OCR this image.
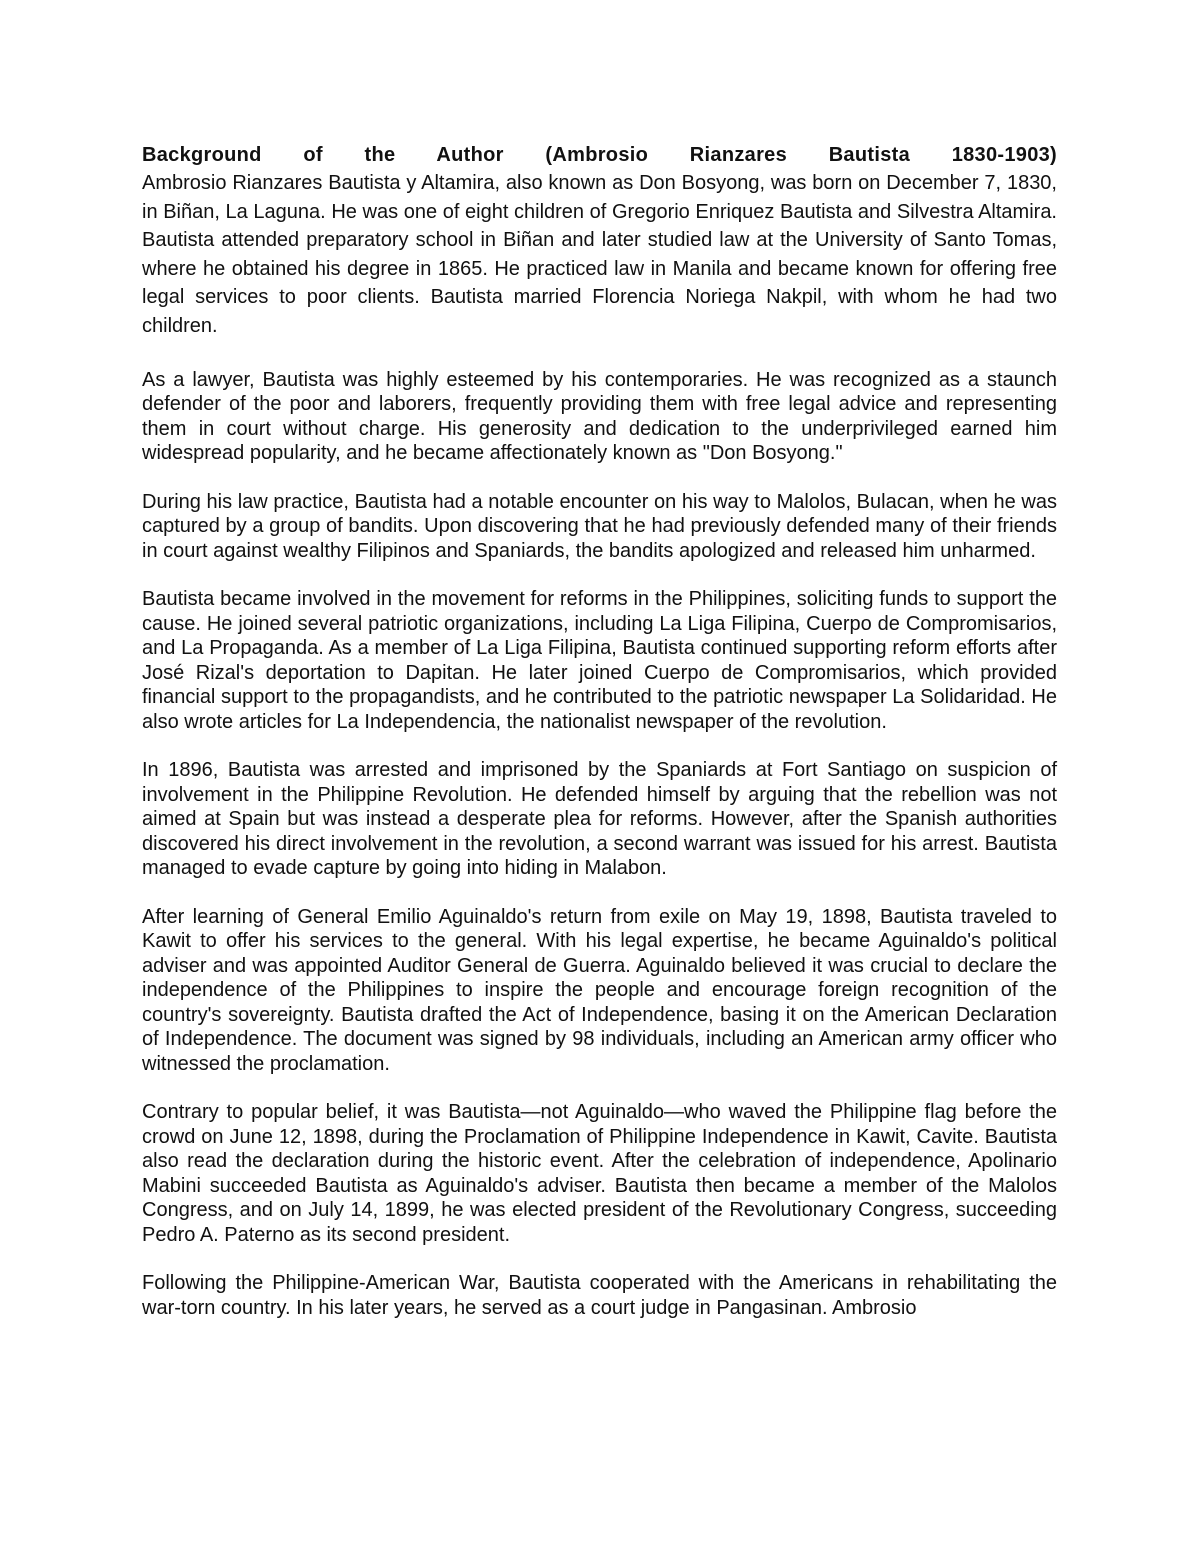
Background of the Author (Ambrosio Rianzares Bautista 1830-1903)

Ambrosio Rianzares Bautista y Altamira, also known as Don Bosyong, was born on December 7, 1830, in Biñan, La Laguna. He was one of eight children of Gregorio Enriquez Bautista and Silvestra Altamira. Bautista attended preparatory school in Biñan and later studied law at the University of Santo Tomas, where he obtained his degree in 1865. He practiced law in Manila and became known for offering free legal services to poor clients. Bautista married Florencia Noriega Nakpil, with whom he had two children.

As a lawyer, Bautista was highly esteemed by his contemporaries. He was recognized as a staunch defender of the poor and laborers, frequently providing them with free legal advice and representing them in court without charge. His generosity and dedication to the underprivileged earned him widespread popularity, and he became affectionately known as "Don Bosyong."

During his law practice, Bautista had a notable encounter on his way to Malolos, Bulacan, when he was captured by a group of bandits. Upon discovering that he had previously defended many of their friends in court against wealthy Filipinos and Spaniards, the bandits apologized and released him unharmed.

Bautista became involved in the movement for reforms in the Philippines, soliciting funds to support the cause. He joined several patriotic organizations, including La Liga Filipina, Cuerpo de Compromisarios, and La Propaganda. As a member of La Liga Filipina, Bautista continued supporting reform efforts after José Rizal's deportation to Dapitan. He later joined Cuerpo de Compromisarios, which provided financial support to the propagandists, and he contributed to the patriotic newspaper La Solidaridad. He also wrote articles for La Independencia, the nationalist newspaper of the revolution.

In 1896, Bautista was arrested and imprisoned by the Spaniards at Fort Santiago on suspicion of involvement in the Philippine Revolution. He defended himself by arguing that the rebellion was not aimed at Spain but was instead a desperate plea for reforms. However, after the Spanish authorities discovered his direct involvement in the revolution, a second warrant was issued for his arrest. Bautista managed to evade capture by going into hiding in Malabon.

After learning of General Emilio Aguinaldo's return from exile on May 19, 1898, Bautista traveled to Kawit to offer his services to the general. With his legal expertise, he became Aguinaldo's political adviser and was appointed Auditor General de Guerra. Aguinaldo believed it was crucial to declare the independence of the Philippines to inspire the people and encourage foreign recognition of the country's sovereignty. Bautista drafted the Act of Independence, basing it on the American Declaration of Independence. The document was signed by 98 individuals, including an American army officer who witnessed the proclamation.

Contrary to popular belief, it was Bautista—not Aguinaldo—who waved the Philippine flag before the crowd on June 12, 1898, during the Proclamation of Philippine Independence in Kawit, Cavite. Bautista also read the declaration during the historic event. After the celebration of independence, Apolinario Mabini succeeded Bautista as Aguinaldo's adviser. Bautista then became a member of the Malolos Congress, and on July 14, 1899, he was elected president of the Revolutionary Congress, succeeding Pedro A. Paterno as its second president.

Following the Philippine-American War, Bautista cooperated with the Americans in rehabilitating the war-torn country. In his later years, he served as a court judge in Pangasinan. Ambrosio
